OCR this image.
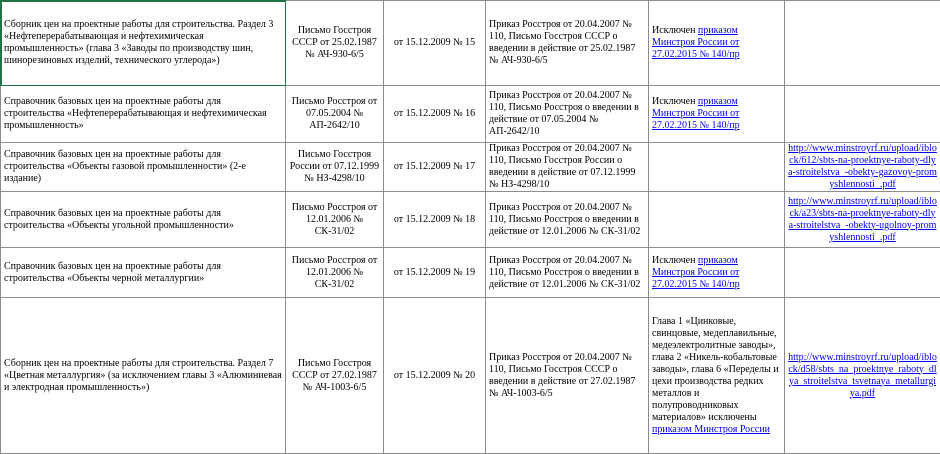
Сборник цен на проектные работы для строительства. Раздел 3 «Нефтеперерабатывающая и нефтехимическая промышленность» (глава 3 «Заводы по производству шин, шинорезиновых изделий, технического углерода»)	Письмо Госстроя СССР от 25.02.1987 № АЧ-930-6/5	от 15.12.2009 № 15	Приказ Росстроя от 20.04.2007 № 110, Письмо Госстроя СССР о введении в действие от 25.02.1987 № АЧ-930-6/5	Исключен приказом Минстроя России от 27.02.2015 № 140/пр	
Справочник базовых цен на проектные работы для строительства «Нефтеперерабатывающая и нефтехимическая промышленность»	Письмо Росстроя от 07.05.2004 № АП-2642/10	от 15.12.2009 № 16	Приказ Росстроя от 20.04.2007 № 110, Письмо Росстроя о введении в действие от 07.05.2004 № АП-2642/10	Исключен приказом Минстроя России от 27.02.2015 № 140/пр	
Справочник базовых цен на проектные работы для строительства «Объекты газовой промышленности» (2-е издание)	Письмо Госстроя России от 07.12.1999 № НЗ-4298/10	от 15.12.2009 № 17	Приказ Росстроя от 20.04.2007 № 110, Письмо Госстроя России о введении в действие от 07.12.1999 № НЗ-4298/10		http://www.minstroyrf.ru/upload/iblock/612/sbts-na-proektnye-raboty-dlya-stroitelstva_-obekty-gazovoy-promyshlennosti_.pdf
Справочник базовых цен на проектные работы для строительства «Объекты угольной промышленности»	Письмо Росстроя от 12.01.2006 № СК-31/02	от 15.12.2009 № 18	Приказ Росстроя от 20.04.2007 № 110, Письмо Росстроя о введении в действие от 12.01.2006 № СК-31/02		http://www.minstroyrf.ru/upload/iblock/a23/sbts-na-proektnye-raboty-dlya-stroitelstva_-obekty-ugolnoy-promyshlennosti_.pdf
Справочник базовых цен на проектные работы для строительства «Объекты черной металлургии»	Письмо Росстроя от 12.01.2006 № СК-31/02	от 15.12.2009 № 19	Приказ Росстроя от 20.04.2007 № 110, Письмо Росстроя о введении в действие от 12.01.2006 № СК-31/02	Исключен приказом Минстроя России от 27.02.2015 № 140/пр	
Сборник цен на проектные работы для строительства. Раздел 7 «Цветная металлургия» (за исключением главы 3 «Алюминиевая и электродная промышленность»)	Письмо Госстроя СССР от 27.02.1987 № АЧ-1003-6/5	от 15.12.2009 № 20	Приказ Росстроя от 20.04.2007 № 110, Письмо Госстроя СССР о введении в действие от 27.02.1987 № АЧ-1003-6/5	Глава 1 «Цинковые, свинцовые, медеплавильные, медеэлектролитные заводы», глава 2 «Никель-кобальтовые заводы», глава 6 «Переделы и цехи производства редких металлов и полупроводниковых материалов» исключены приказом Минстроя России	http://www.minstroyrf.ru/upload/iblock/d58/sbts_na_proektnye_raboty_dlya_stroitelstva_tsvetnaya_metallurgiya.pdf
